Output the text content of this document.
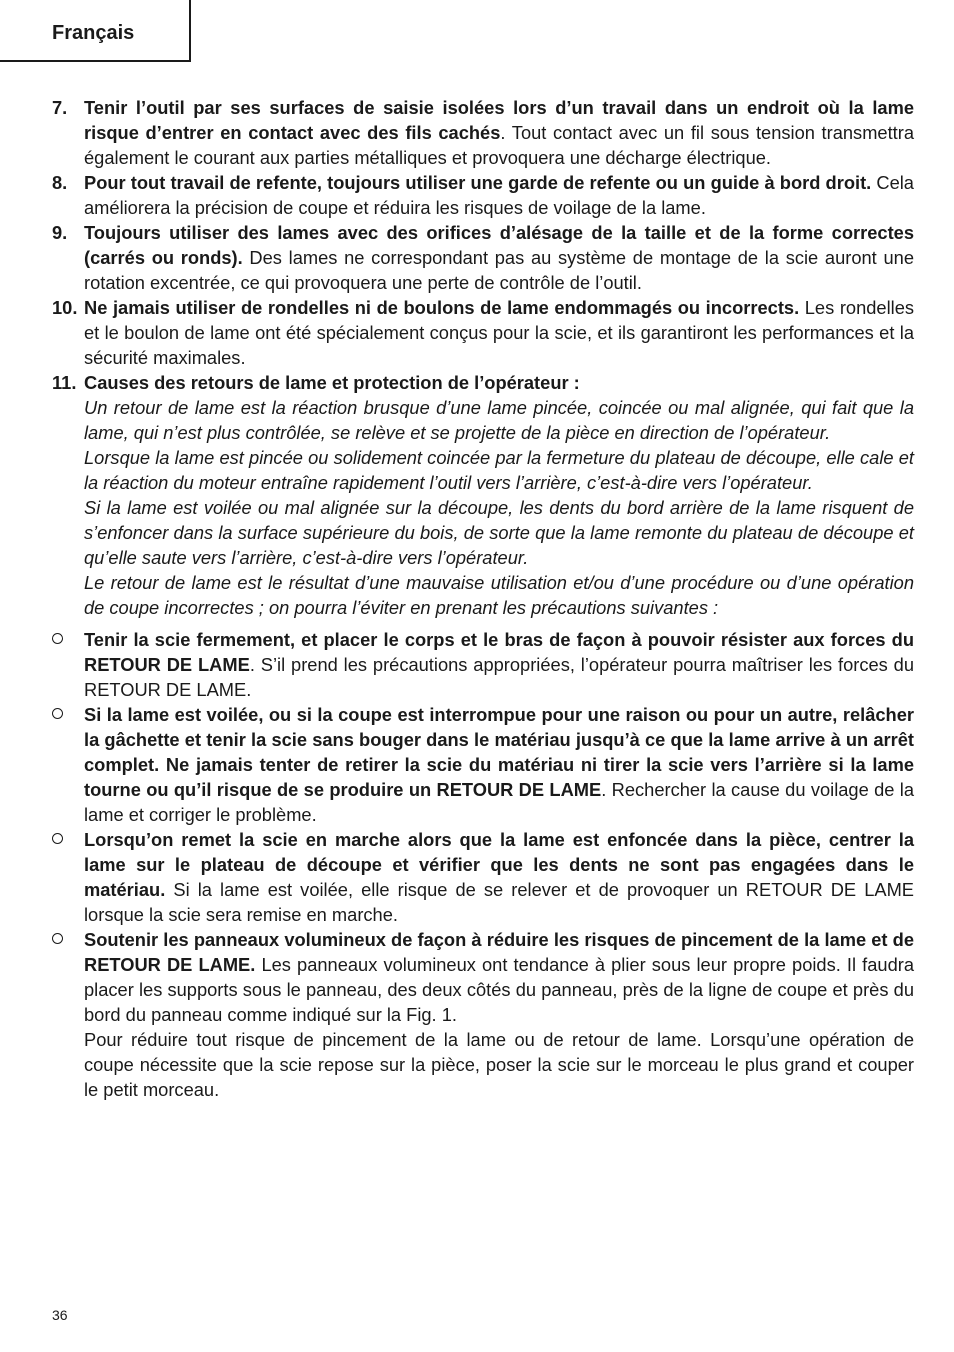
Français
7. Tenir l’outil par ses surfaces de saisie isolées lors d’un travail dans un endroit où la lame risque d’entrer en contact avec des fils cachés. Tout contact avec un fil sous tension transmettra également le courant aux parties métalliques et provoquera une décharge électrique.
8. Pour tout travail de refente, toujours utiliser une garde de refente ou un guide à bord droit. Cela améliorera la précision de coupe et réduira les risques de voilage de la lame.
9. Toujours utiliser des lames avec des orifices d’alésage de la taille et de la forme correctes (carrés ou ronds). Des lames ne correspondant pas au système de montage de la scie auront une rotation excentrée, ce qui provoquera une perte de contrôle de l’outil.
10. Ne jamais utiliser de rondelles ni de boulons de lame endommagés ou incorrects. Les rondelles et le boulon de lame ont été spécialement conçus pour la scie, et ils garantiront les performances et la sécurité maximales.
11. Causes des retours de lame et protection de l’opérateur :
Un retour de lame est la réaction brusque d’une lame pincée, coincée ou mal alignée, qui fait que la lame, qui n’est plus contrôlée, se relève et se projette de la pièce en direction de l’opérateur.
Lorsque la lame est pincée ou solidement coincée par la fermeture du plateau de découpe, elle cale et la réaction du moteur entraîne rapidement l’outil vers l’arrière, c’est-à-dire vers l’opérateur.
Si la lame est voilée ou mal alignée sur la découpe, les dents du bord arrière de la lame risquent de s’enfoncer dans la surface supérieure du bois, de sorte que la lame remonte du plateau de découpe et qu’elle saute vers l’arrière, c’est-à-dire vers l’opérateur.
Le retour de lame est le résultat d’une mauvaise utilisation et/ou d’une procédure ou d’une opération de coupe incorrectes ; on pourra l’éviter en prenant les précautions suivantes :
Tenir la scie fermement, et placer le corps et le bras de façon à pouvoir résister aux forces du RETOUR DE LAME. S’il prend les précautions appropriées, l’opérateur pourra maîtriser les forces du RETOUR DE LAME.
Si la lame est voilée, ou si la coupe est interrompue pour une raison ou pour un autre, relâcher la gâchette et tenir la scie sans bouger dans le matériau jusqu’à ce que la lame arrive à un arrêt complet. Ne jamais tenter de retirer la scie du matériau ni tirer la scie vers l’arrière si la lame tourne ou qu’il risque de se produire un RETOUR DE LAME. Rechercher la cause du voilage de la lame et corriger le problème.
Lorsqu’on remet la scie en marche alors que la lame est enfoncée dans la pièce, centrer la lame sur le plateau de découpe et vérifier que les dents ne sont pas engagées dans le matériau. Si la lame est voilée, elle risque de se relever et de provoquer un RETOUR DE LAME lorsque la scie sera remise en marche.
Soutenir les panneaux volumineux de façon à réduire les risques de pincement de la lame et de RETOUR DE LAME. Les panneaux volumineux ont tendance à plier sous leur propre poids. Il faudra placer les supports sous le panneau, des deux côtés du panneau, près de la ligne de coupe et près du bord du panneau comme indiqué sur la Fig. 1.
Pour réduire tout risque de pincement de la lame ou de retour de lame. Lorsqu’une opération de coupe nécessite que la scie repose sur la pièce, poser la scie sur le morceau le plus grand et couper le petit morceau.
36
